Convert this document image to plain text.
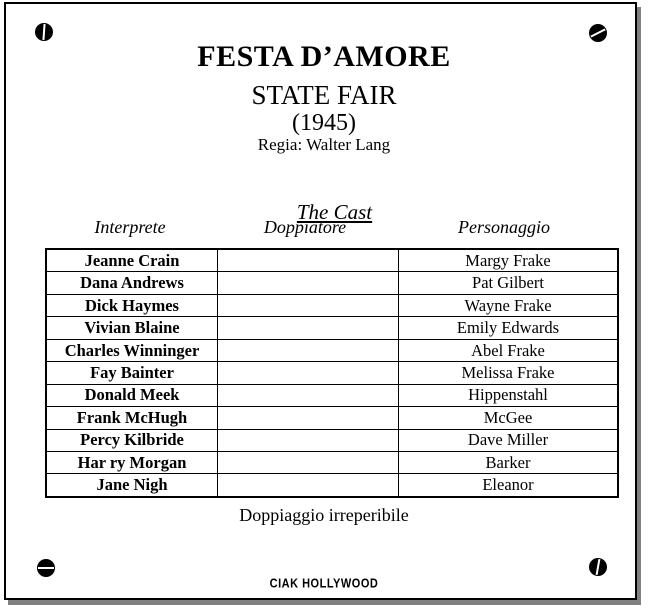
FESTA D’AMORE
STATE FAIR
(1945)
Regia: Walter Lang

The Cast

Interprete	Doppiatore	Personaggio
Jeanne Crain		Margy Frake
Dana Andrews		Pat Gilbert
Dick Haymes		Wayne Frake
Vivian Blaine		Emily Edwards
Charles Winninger		Abel Frake
Fay Bainter		Melissa Frake
Donald Meek		Hippenstahl
Frank McHugh		McGee
Percy Kilbride		Dave Miller
Har ry Morgan		Barker
Jane Nigh		Eleanor
Doppiaggio irreperibile
CIAK HOLLYWOOD
